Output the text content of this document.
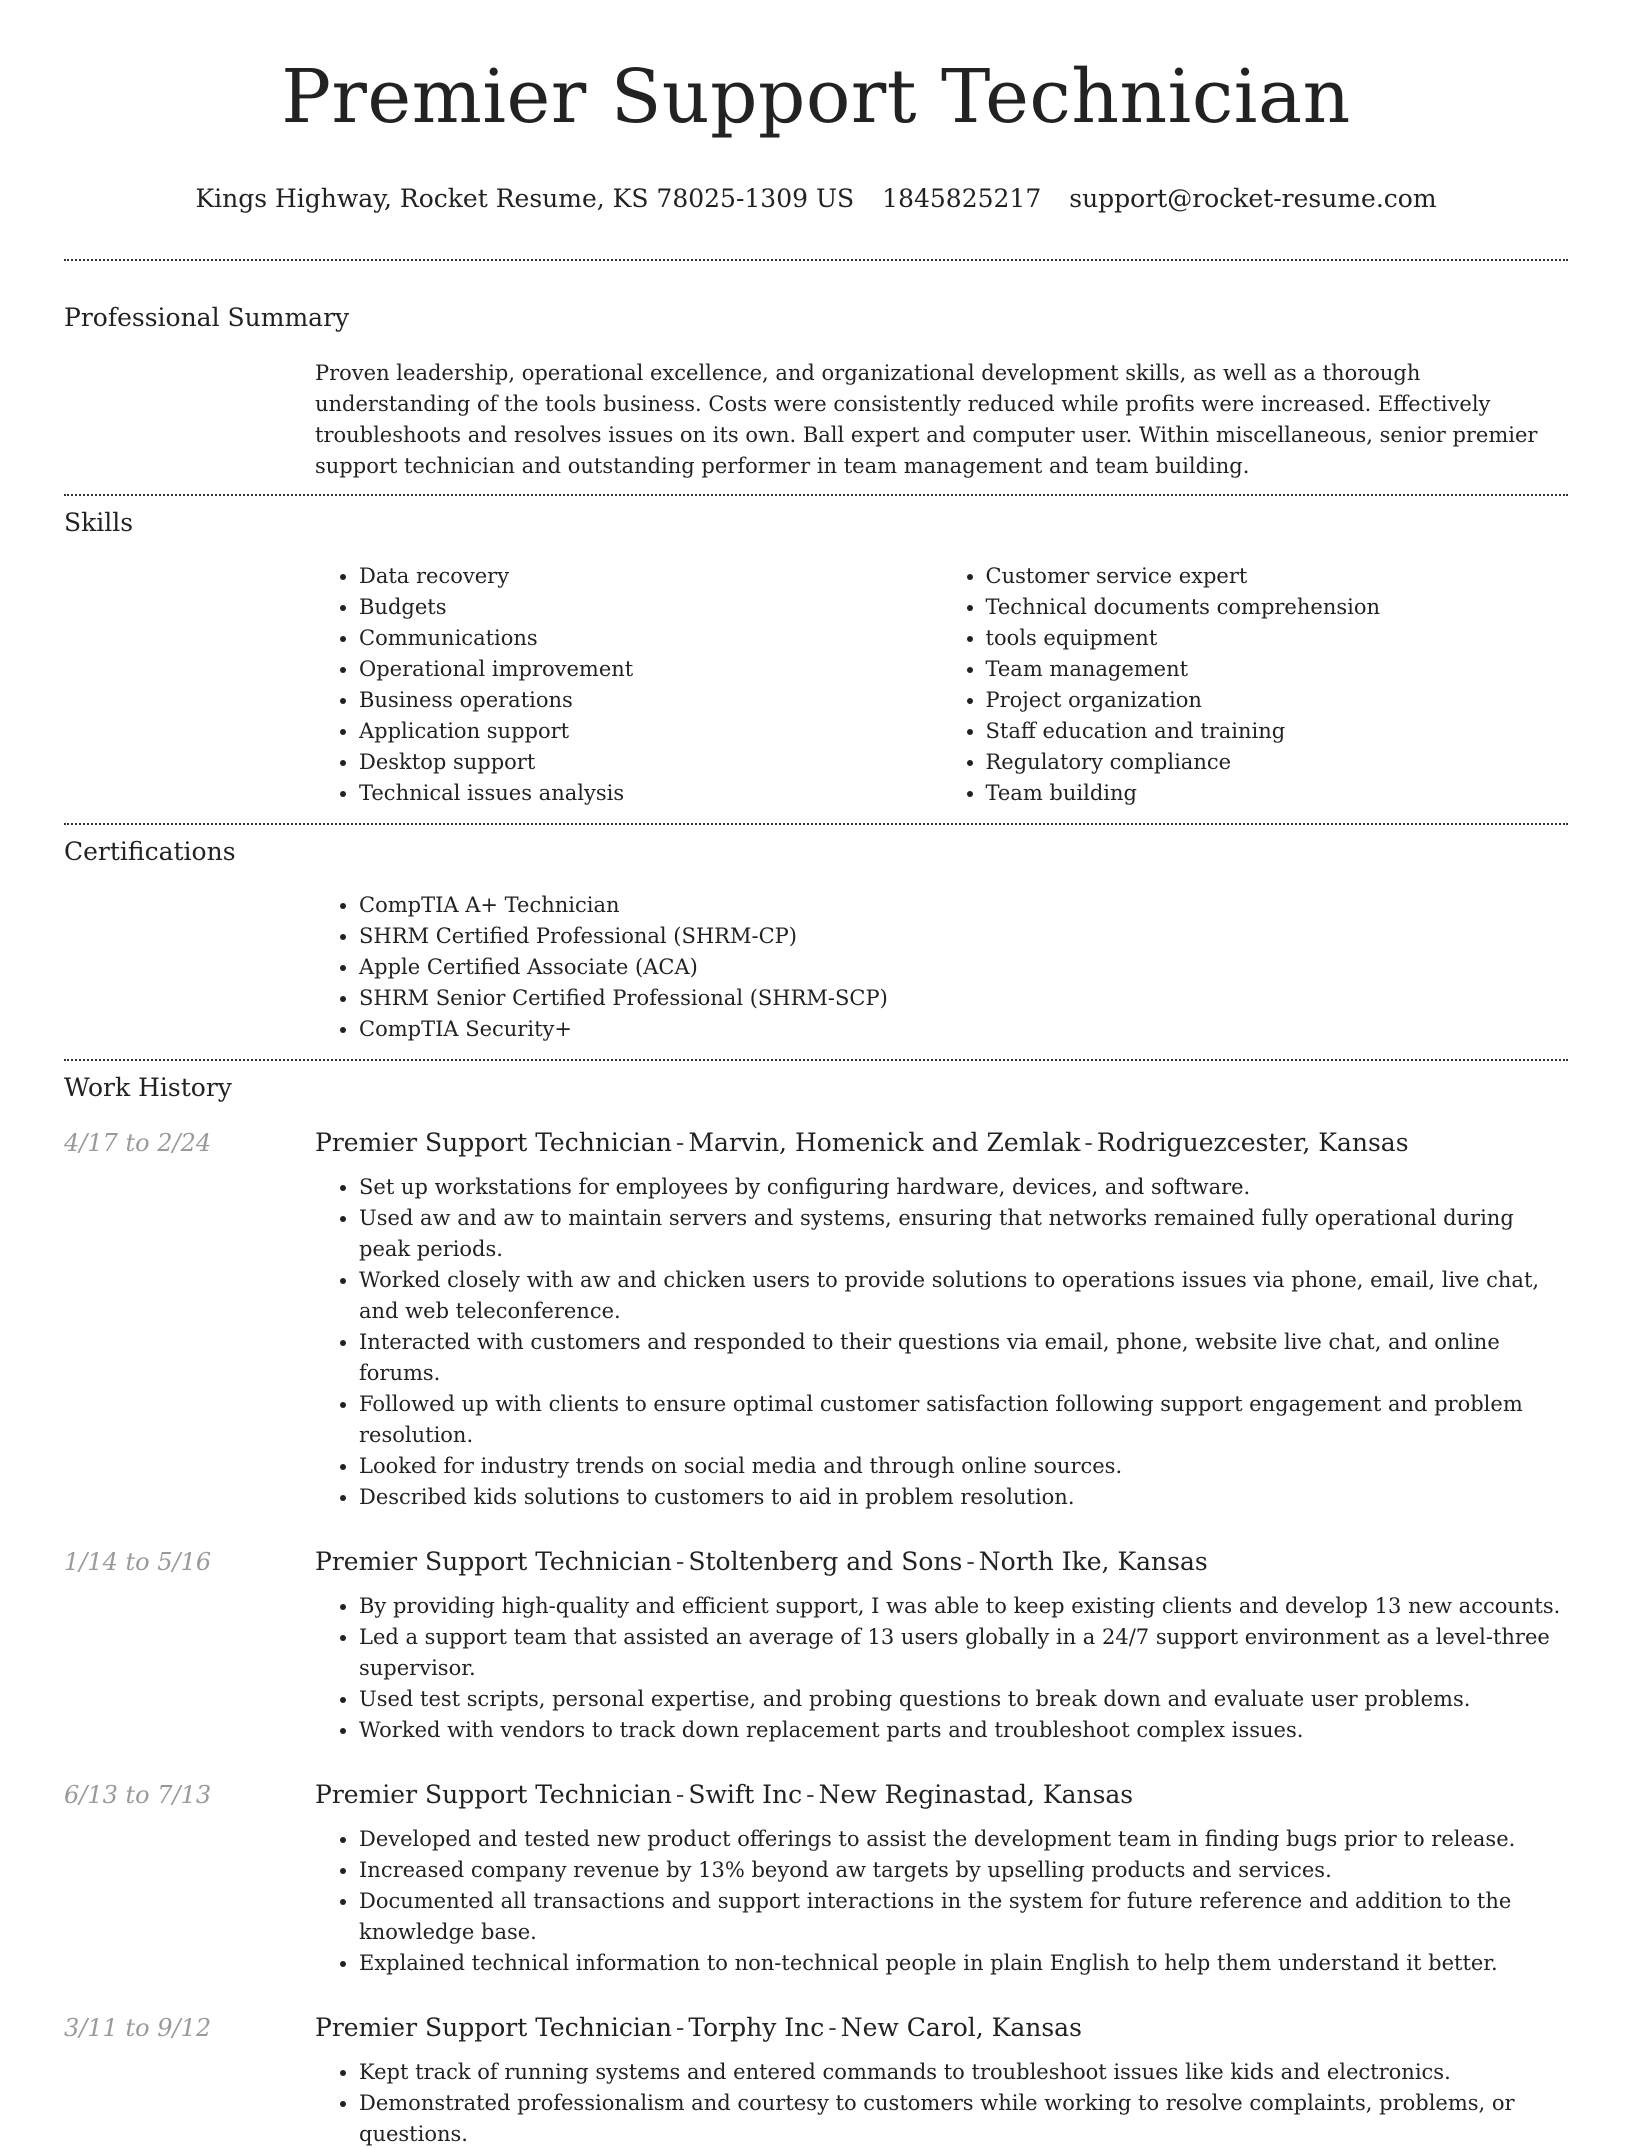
Premier Support Technician
Kings Highway, Rocket Resume, KS 78025-1309 US 1845825217 support@rocket-resume.com
Professional Summary

Proven leadership, operational excellence, and organizational development skills, as well as a thorough understanding of the tools business. Costs were consistently reduced while profits were increased. Effectively troubleshoots and resolves issues on its own. Ball expert and computer user. Within miscellaneous, senior premier support technician and outstanding performer in team management and team building.

Skills
• Data recovery
• Budgets
• Communications
• Operational improvement
• Business operations
• Application support
• Desktop support
• Technical issues analysis
• Customer service expert
• Technical documents comprehension
• tools equipment
• Team management
• Project organization
• Staff education and training
• Regulatory compliance
• Team building
Certifications
• CompTIA A+ Technician
• SHRM Certified Professional (SHRM-CP)
• Apple Certified Associate (ACA)
• SHRM Senior Certified Professional (SHRM-SCP)
• CompTIA Security+
Work History
4/17 to 2/24	Premier Support Technician - Marvin, Homenick and Zemlak - Rodriguezcester, Kansas
• Set up workstations for employees by configuring hardware, devices, and software.
• Used aw and aw to maintain servers and systems, ensuring that networks remained fully operational during peak periods.
• Worked closely with aw and chicken users to provide solutions to operations issues via phone, email, live chat, and web teleconference.
• Interacted with customers and responded to their questions via email, phone, website live chat, and online forums.
• Followed up with clients to ensure optimal customer satisfaction following support engagement and problem resolution.
• Looked for industry trends on social media and through online sources.
• Described kids solutions to customers to aid in problem resolution.
1/14 to 5/16	Premier Support Technician - Stoltenberg and Sons - North Ike, Kansas
• By providing high-quality and efficient support, I was able to keep existing clients and develop 13 new accounts.
• Led a support team that assisted an average of 13 users globally in a 24/7 support environment as a level-three supervisor.
• Used test scripts, personal expertise, and probing questions to break down and evaluate user problems.
• Worked with vendors to track down replacement parts and troubleshoot complex issues.
6/13 to 7/13	Premier Support Technician - Swift Inc - New Reginastad, Kansas
• Developed and tested new product offerings to assist the development team in finding bugs prior to release.
• Increased company revenue by 13% beyond aw targets by upselling products and services.
• Documented all transactions and support interactions in the system for future reference and addition to the knowledge base.
• Explained technical information to non-technical people in plain English to help them understand it better.
3/11 to 9/12	Premier Support Technician - Torphy Inc - New Carol, Kansas
• Kept track of running systems and entered commands to troubleshoot issues like kids and electronics.
• Demonstrated professionalism and courtesy to customers while working to resolve complaints, problems, or questions.
